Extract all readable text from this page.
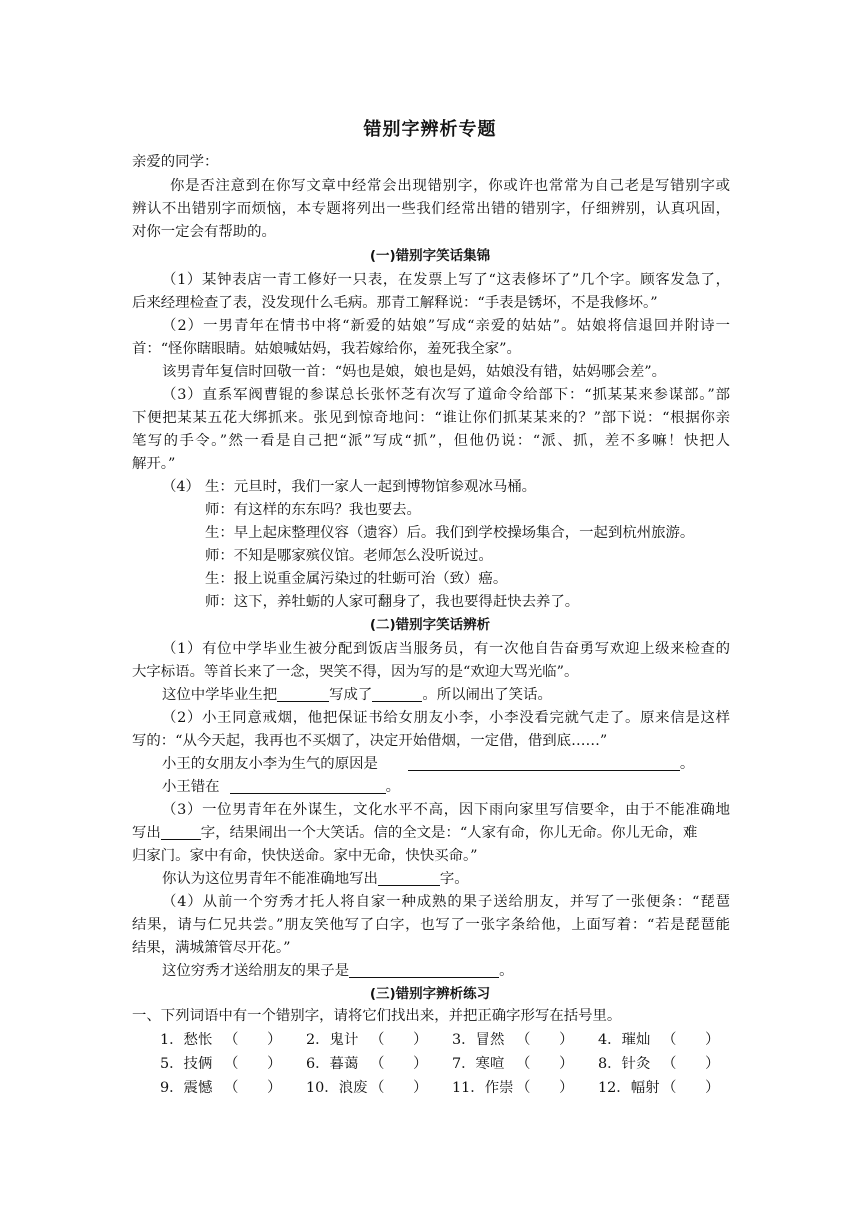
错别字辨析专题
亲爱的同学：
你是否注意到在你写文章中经常会出现错别字，你或许也常常为自己老是写错别字或
辨认不出错别字而烦恼，本专题将列出一些我们经常出错的错别字，仔细辨别，认真巩固，
对你一定会有帮助的。
(一)错别字笑话集锦
（1）某钟表店一青工修好一只表，在发票上写了“这表修坏了”几个字。顾客发急了，
后来经理检查了表，没发现什么毛病。那青工解释说：“手表是锈坏，不是我修坏。”
（2）一男青年在情书中将“新爱的姑娘”写成“亲爱的姑姑”。姑娘将信退回并附诗一
首：“怪你瞎眼睛。姑娘喊姑妈，我若嫁给你，羞死我全家”。
该男青年复信时回敬一首：“妈也是娘，娘也是妈，姑娘没有错，姑妈哪会差”。
（3）直系军阀曹锟的参谋总长张怀芝有次写了道命令给部下：“抓某某来参谋部。”部
下便把某某五花大绑抓来。张见到惊奇地问：“谁让你们抓某某来的？”部下说：“根据你亲
笔写的手令。”然一看是自己把“派”写成“抓”，但他仍说：“派、抓，差不多嘛！快把人
解开。”
（4） 生：元旦时，我们一家人一起到博物馆参观冰马桶。
师：有这样的东东吗？我也要去。
生：早上起床整理仪容（遗容）后。我们到学校操场集合，一起到杭州旅游。
师：不知是哪家殡仪馆。老师怎么没听说过。
生：报上说重金属污染过的牡蛎可治（致）癌。
师：这下，养牡蛎的人家可翻身了，我也要得赶快去养了。
(二)错别字笑话辨析
（1）有位中学毕业生被分配到饭店当服务员，有一次他自告奋勇写欢迎上级来检查的
大字标语。等首长来了一念，哭笑不得，因为写的是“欢迎大骂光临”。
这位中学毕业生把	写成了	。所以闹出了笑话。
（2）小王同意戒烟，他把保证书给女朋友小李，小李没看完就气走了。原来信是这样
写的：“从今天起，我再也不买烟了，决定开始借烟，一定借，借到底……”
小王的女朋友小李为生气的原因是	。
小王错在	。
（3）一位男青年在外谋生，文化水平不高，因下雨向家里写信要伞，由于不能准确地
写出	字，结果闹出一个大笑话。信的全文是：“人家有命，你儿无命。你儿无命，难
归家门。家中有命，快快送命。家中无命，快快买命。”
你认为这位男青年不能准确地写出	字。
（4）从前一个穷秀才托人将自家一种成熟的果子送给朋友，并写了一张便条：“琵琶
结果，请与仁兄共尝。”朋友笑他写了白字，也写了一张字条给他，上面写着：“若是琵琶能
结果，满城箫管尽开花。”
这位穷秀才送给朋友的果子是	。
(三)错别字辨析练习
一、下列词语中有一个错别字，请将它们找出来，并把正确字形写在括号里。
1．愁怅 （　　）	2．鬼计 （　　）	3．冒然 （　　）	4．璀灿 （　　）
5．技俩 （　　）	6．暮蔼 （　　）	7．寒喧 （　　）	8．针灸 （　　）
9．震憾 （　　）	10．浪废 （　　）	11．作崇 （　　）	12．幅射 （　　）
